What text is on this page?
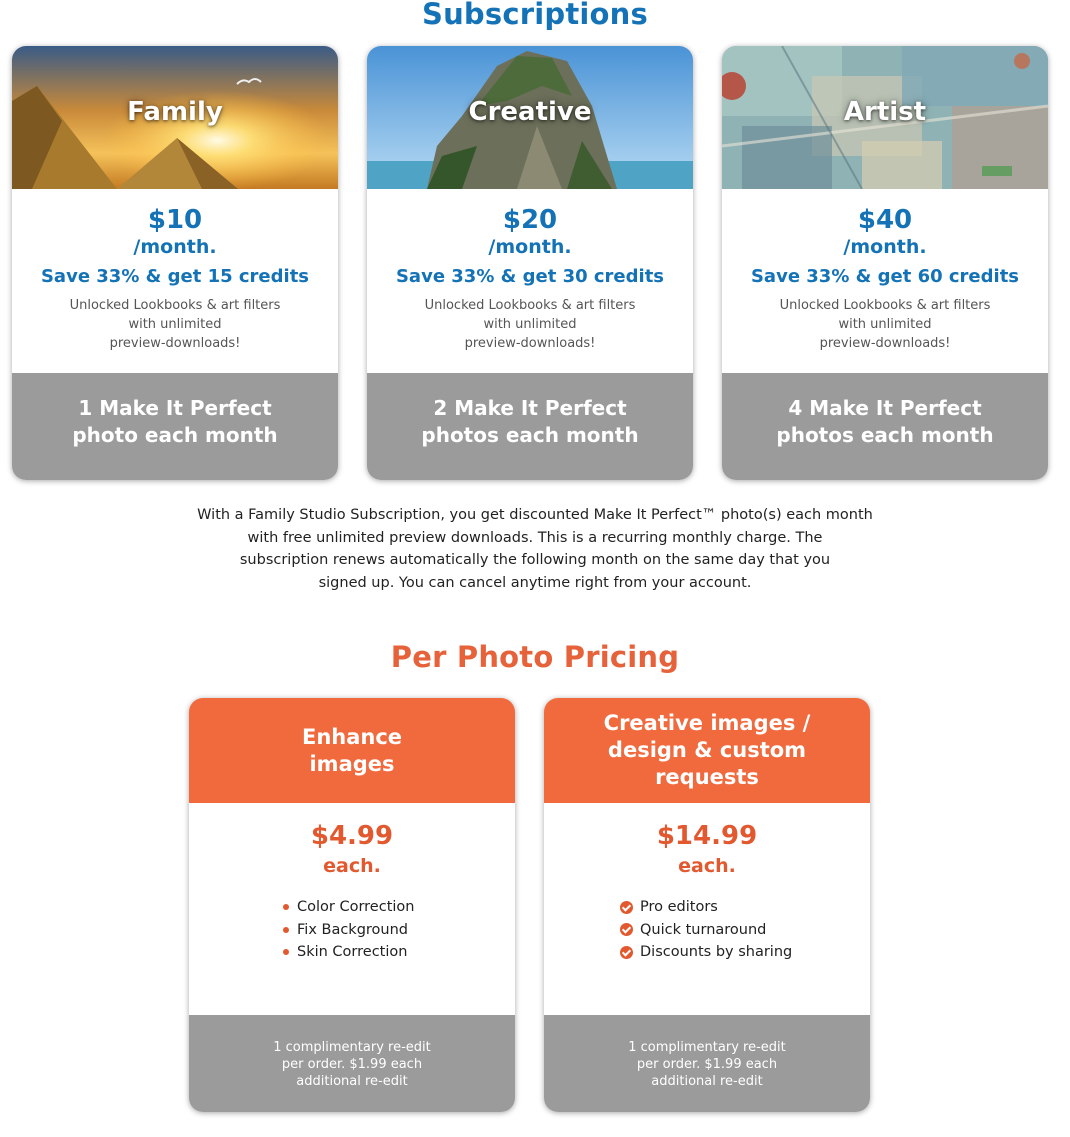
Subscriptions
Family
$10
/month.
Save 33% & get 15 credits
Unlocked Lookbooks & art filters
with unlimited
preview-downloads!
1 Make It Perfect
photo each month
Creative
$20
/month.
Save 33% & get 30 credits
Unlocked Lookbooks & art filters
with unlimited
preview-downloads!
2 Make It Perfect
photos each month
Artist
$40
/month.
Save 33% & get 60 credits
Unlocked Lookbooks & art filters
with unlimited
preview-downloads!
4 Make It Perfect
photos each month
With a Family Studio Subscription, you get discounted Make It Perfect™ photo(s) each month
with free unlimited preview downloads. This is a recurring monthly charge. The
subscription renews automatically the following month on the same day that you
signed up. You can cancel anytime right from your account.
Per Photo Pricing
Enhance
images
$4.99
each.
Color Correction
Fix Background
Skin Correction
1 complimentary re-edit
per order. $1.99 each
additional re-edit
Creative images /
design & custom
requests
$14.99
each.
Pro editors
Quick turnaround
Discounts by sharing
1 complimentary re-edit
per order. $1.99 each
additional re-edit
